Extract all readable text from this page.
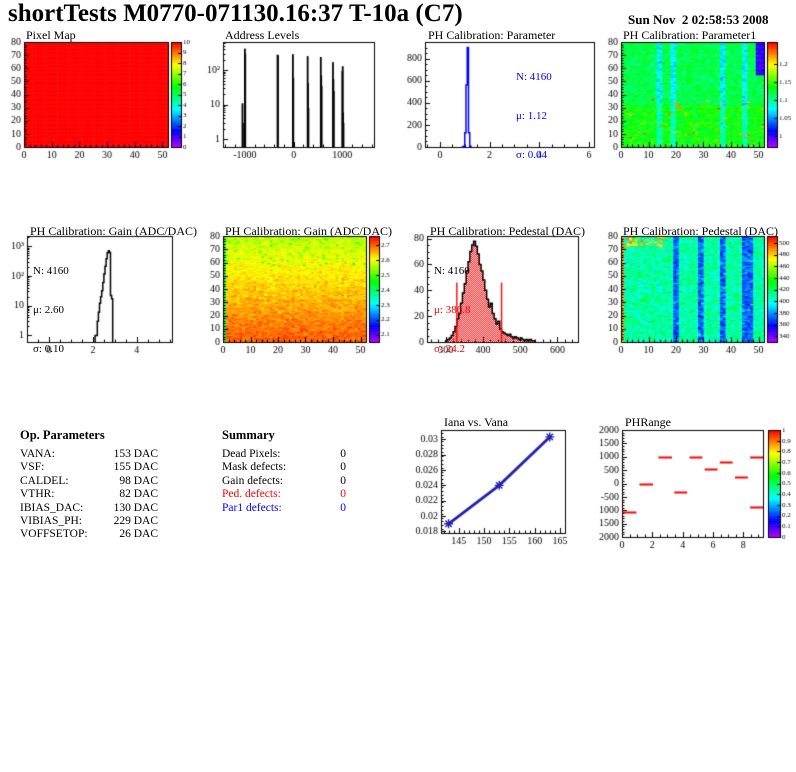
shortTests M0770-071130.16:37 T-10a (C7)	Sun Nov  2 02:58:53 2008
Pixel Map	Address Levels	PH Calibration: Parameter

N: 4160

μ: 1.12

σ: 0.04

PH Calibration: Parameter1
PH Calibration: Gain (ADC/DAC)

N: 4160

μ: 2.60

σ: 0.10

PH Calibration: Gain (ADC/DAC)	PH Calibration: Pedestal (DAC)

N: 4160

μ: 386.8

σ: 24.2

PH Calibration: Pedestal (DAC)
Op. Parameters
VANA:	153 DAC
VSF:	155 DAC
CALDEL:	98 DAC
VTHR:	82 DAC
IBIAS_DAC:	130 DAC
VIBIAS_PH:	229 DAC
VOFFSETOP:	26 DAC
Summary
Dead Pixels:	0
Mask defects:	0
Gain defects:	0
Ped. defects:	0
Par1 defects:	0
Iana vs. Vana	PHRange
